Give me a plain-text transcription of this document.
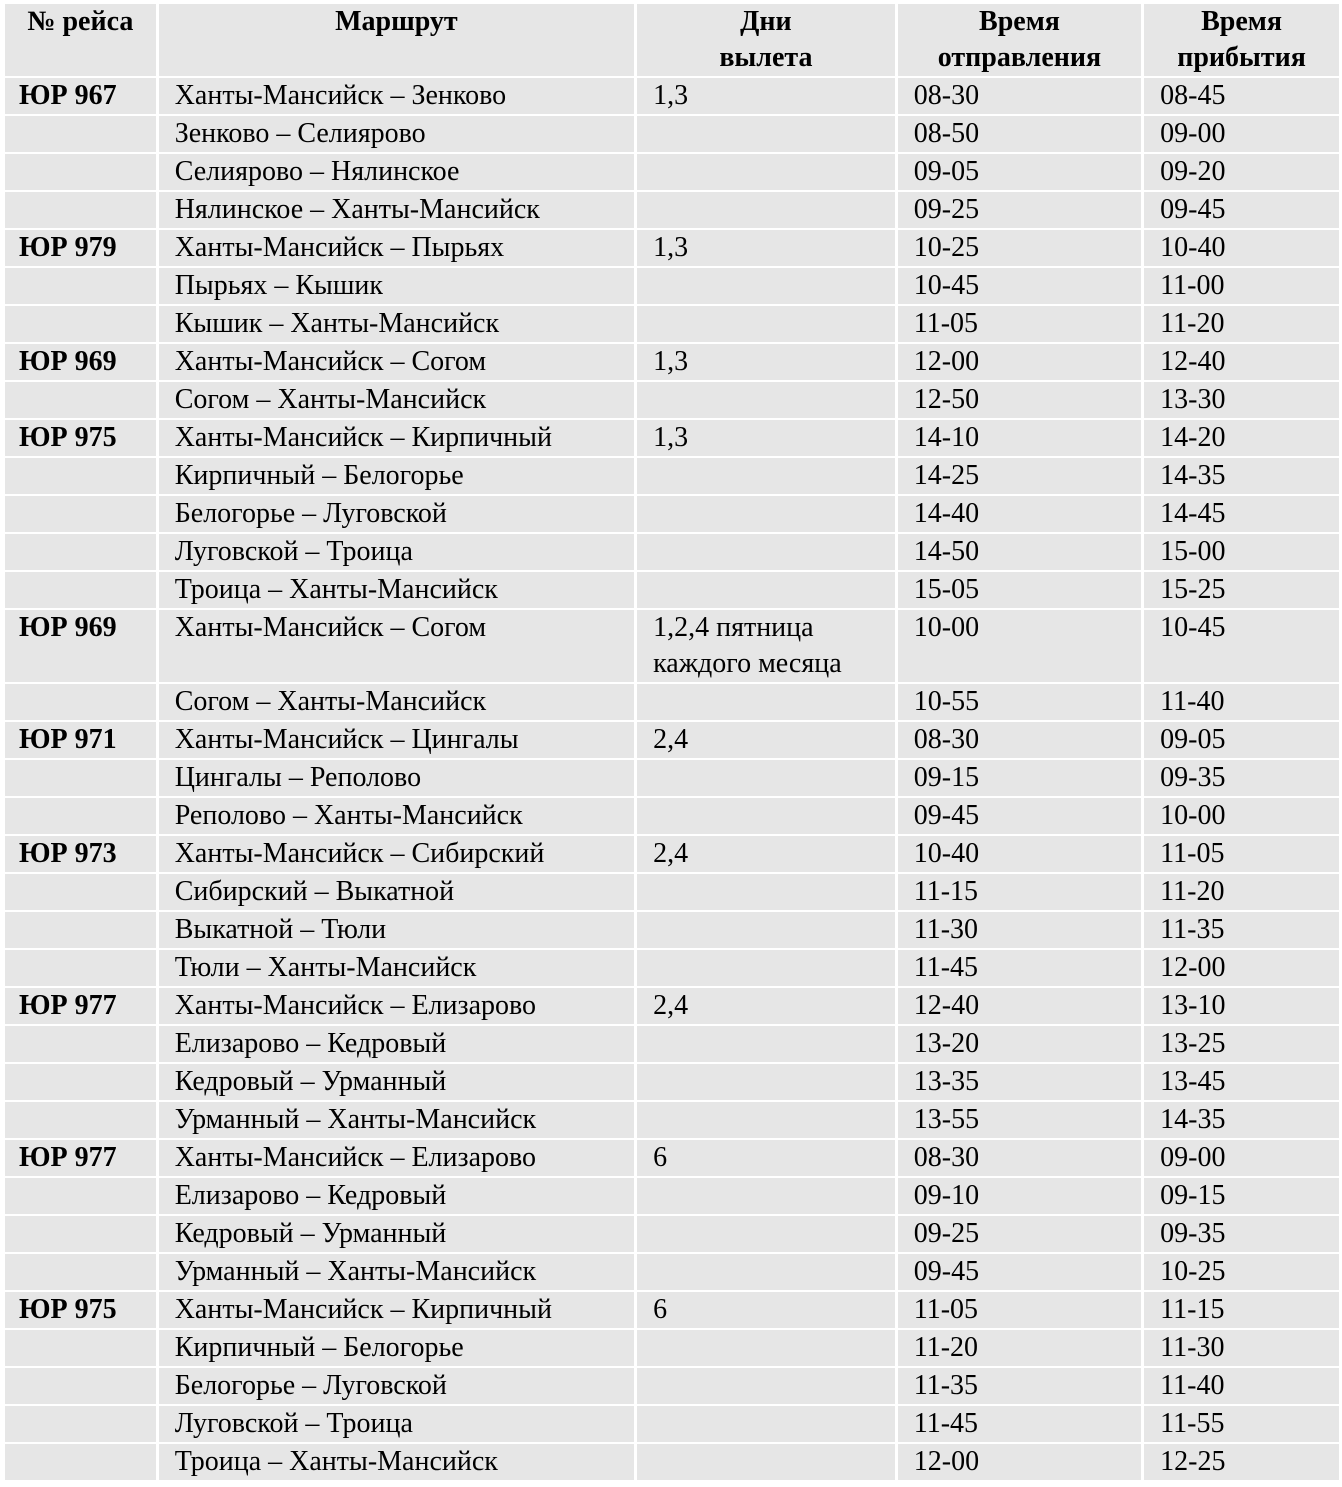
№ рейса	Маршрут	Дни вылета	Время отправления	Время прибытия
ЮР 967	Ханты-Мансийск – Зенково	1,3	08-30	08-45
	Зенково – Селиярово		08-50	09-00
	Селиярово – Нялинское		09-05	09-20
	Нялинское – Ханты-Мансийск		09-25	09-45
ЮР 979	Ханты-Мансийск – Пырьях	1,3	10-25	10-40
	Пырьях – Кышик		10-45	11-00
	Кышик – Ханты-Мансийск		11-05	11-20
ЮР 969	Ханты-Мансийск – Согом	1,3	12-00	12-40
	Согом – Ханты-Мансийск		12-50	13-30
ЮР 975	Ханты-Мансийск – Кирпичный	1,3	14-10	14-20
	Кирпичный – Белогорье		14-25	14-35
	Белогорье – Луговской		14-40	14-45
	Луговской – Троица		14-50	15-00
	Троица – Ханты-Мансийск		15-05	15-25
ЮР 969	Ханты-Мансийск – Согом	1,2,4 пятница каждого месяца	10-00	10-45
	Согом – Ханты-Мансийск		10-55	11-40
ЮР 971	Ханты-Мансийск – Цингалы	2,4	08-30	09-05
	Цингалы – Реполово		09-15	09-35
	Реполово – Ханты-Мансийск		09-45	10-00
ЮР 973	Ханты-Мансийск – Сибирский	2,4	10-40	11-05
	Сибирский – Выкатной		11-15	11-20
	Выкатной – Тюли		11-30	11-35
	Тюли – Ханты-Мансийск		11-45	12-00
ЮР 977	Ханты-Мансийск – Елизарово	2,4	12-40	13-10
	Елизарово – Кедровый		13-20	13-25
	Кедровый – Урманный		13-35	13-45
	Урманный – Ханты-Мансийск		13-55	14-35
ЮР 977	Ханты-Мансийск – Елизарово	6	08-30	09-00
	Елизарово – Кедровый		09-10	09-15
	Кедровый – Урманный		09-25	09-35
	Урманный – Ханты-Мансийск		09-45	10-25
ЮР 975	Ханты-Мансийск – Кирпичный	6	11-05	11-15
	Кирпичный – Белогорье		11-20	11-30
	Белогорье – Луговской		11-35	11-40
	Луговской – Троица		11-45	11-55
	Троица – Ханты-Мансийск		12-00	12-25
